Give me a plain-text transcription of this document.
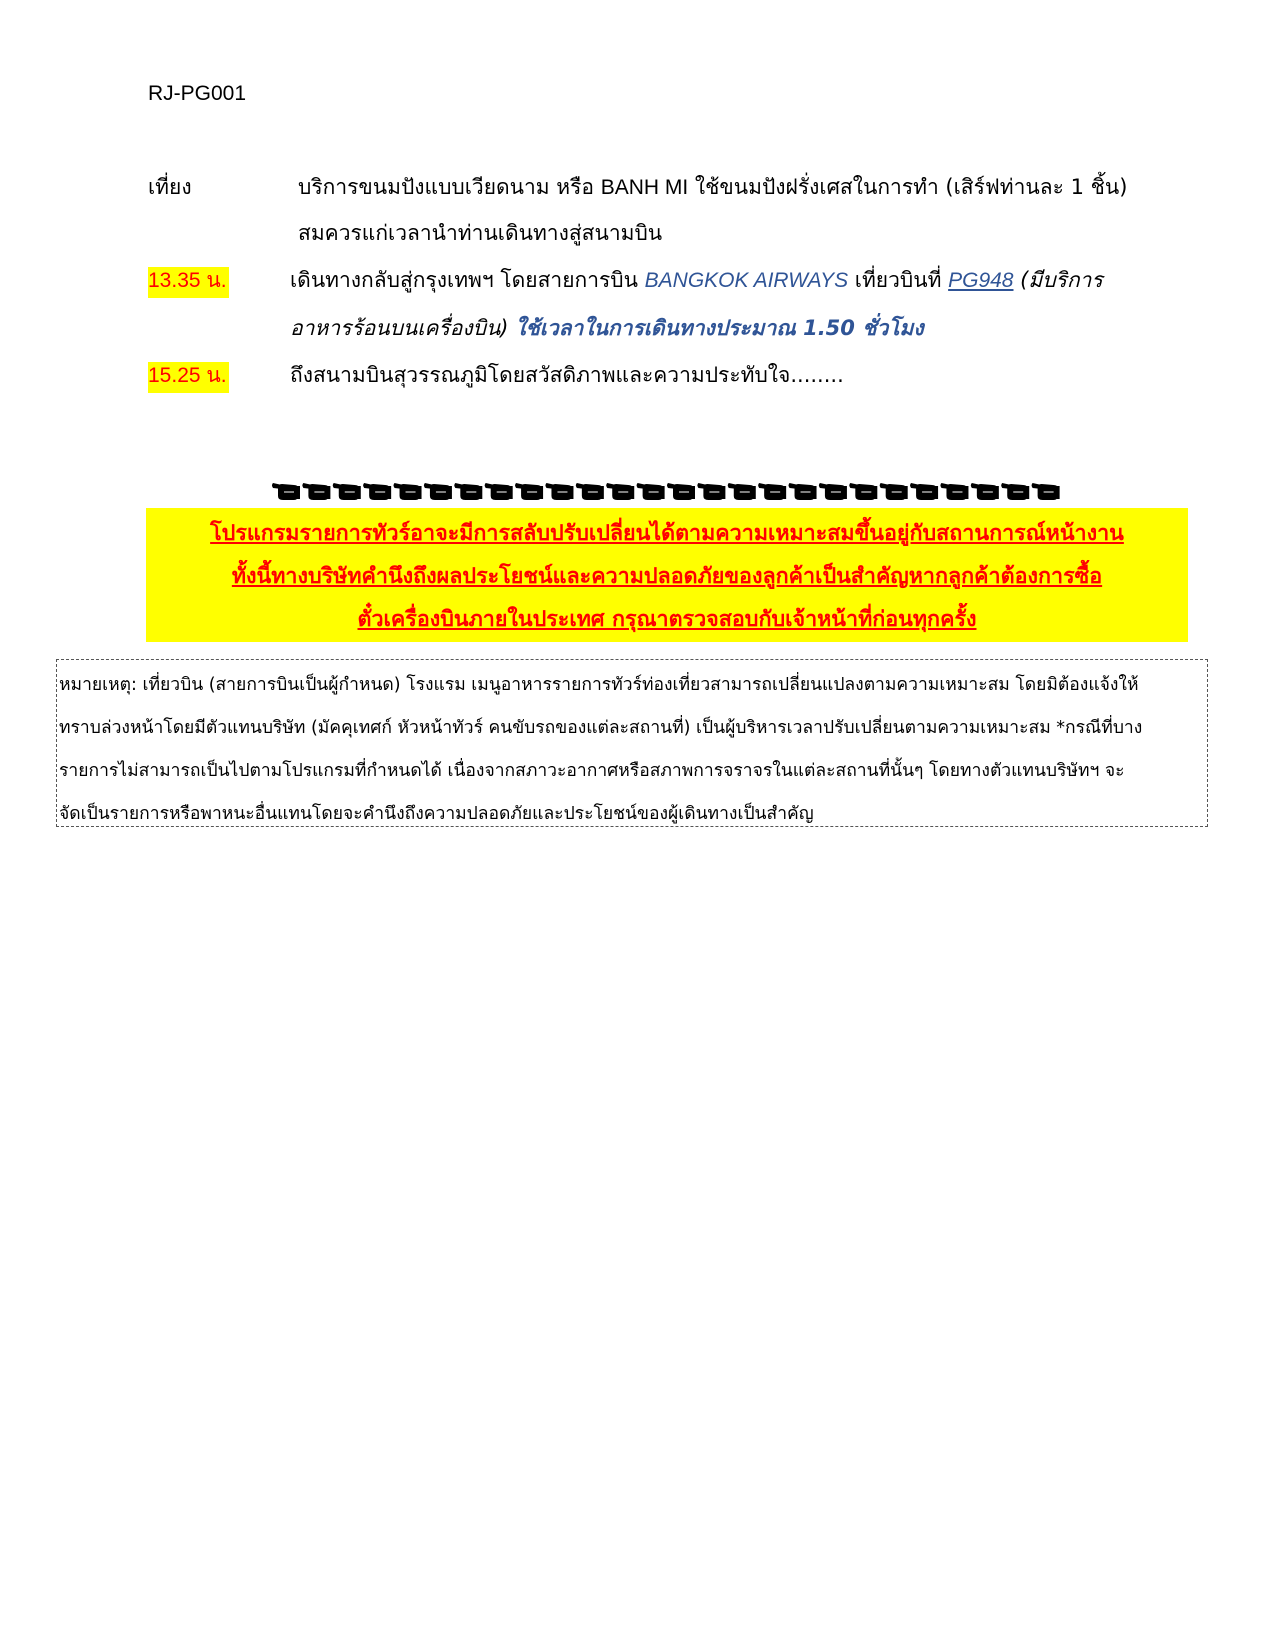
RJ-PG001
เที่ยง	บริการขนมปังแบบเวียดนาม หรือ BANH MI ใช้ขนมปังฝรั่งเศสในการทำ (เสิร์ฟท่านละ 1 ชิ้น)
สมควรแก่เวลานำท่านเดินทางสู่สนามบิน
13.35 น.	เดินทางกลับสู่กรุงเทพฯ โดยสายการบิน BANGKOK AIRWAYS เที่ยวบินที่ PG948 (มีบริการ
อาหารร้อนบนเครื่องบิน) ใช้เวลาในการเดินทางประมาณ 1.50 ชั่วโมง
15.25 น.	ถึงสนามบินสุวรรณภูมิโดยสวัสดิภาพและความประทับใจ........
โปรแกรมรายการทัวร์อาจะมีการสลับปรับเปลี่ยนได้ตามความเหมาะสมขึ้นอยู่กับสถานการณ์หน้างาน
ทั้งนี้ทางบริษัทคำนึงถึงผลประโยชน์และความปลอดภัยของลูกค้าเป็นสำคัญหากลูกค้าต้องการซื้อ
ตั๋วเครื่องบินภายในประเทศ กรุณาตรวจสอบกับเจ้าหน้าที่ก่อนทุกครั้ง
หมายเหตุ: เที่ยวบิน (สายการบินเป็นผู้กำหนด) โรงแรม เมนูอาหารรายการทัวร์ท่องเที่ยวสามารถเปลี่ยนแปลงตามความเหมาะสม โดยมิต้องแจ้งให้
ทราบล่วงหน้าโดยมีตัวแทนบริษัท (มัคคุเทศก์ หัวหน้าทัวร์ คนขับรถของแต่ละสถานที่) เป็นผู้บริหารเวลาปรับเปลี่ยนตามความเหมาะสม *กรณีที่บาง
รายการไม่สามารถเป็นไปตามโปรแกรมที่กำหนดได้ เนื่องจากสภาวะอากาศหรือสภาพการจราจรในแต่ละสถานที่นั้นๆ โดยทางตัวแทนบริษัทฯ จะ
จัดเป็นรายการหรือพาหนะอื่นแทนโดยจะคำนึงถึงความปลอดภัยและประโยชน์ของผู้เดินทางเป็นสำคัญ
